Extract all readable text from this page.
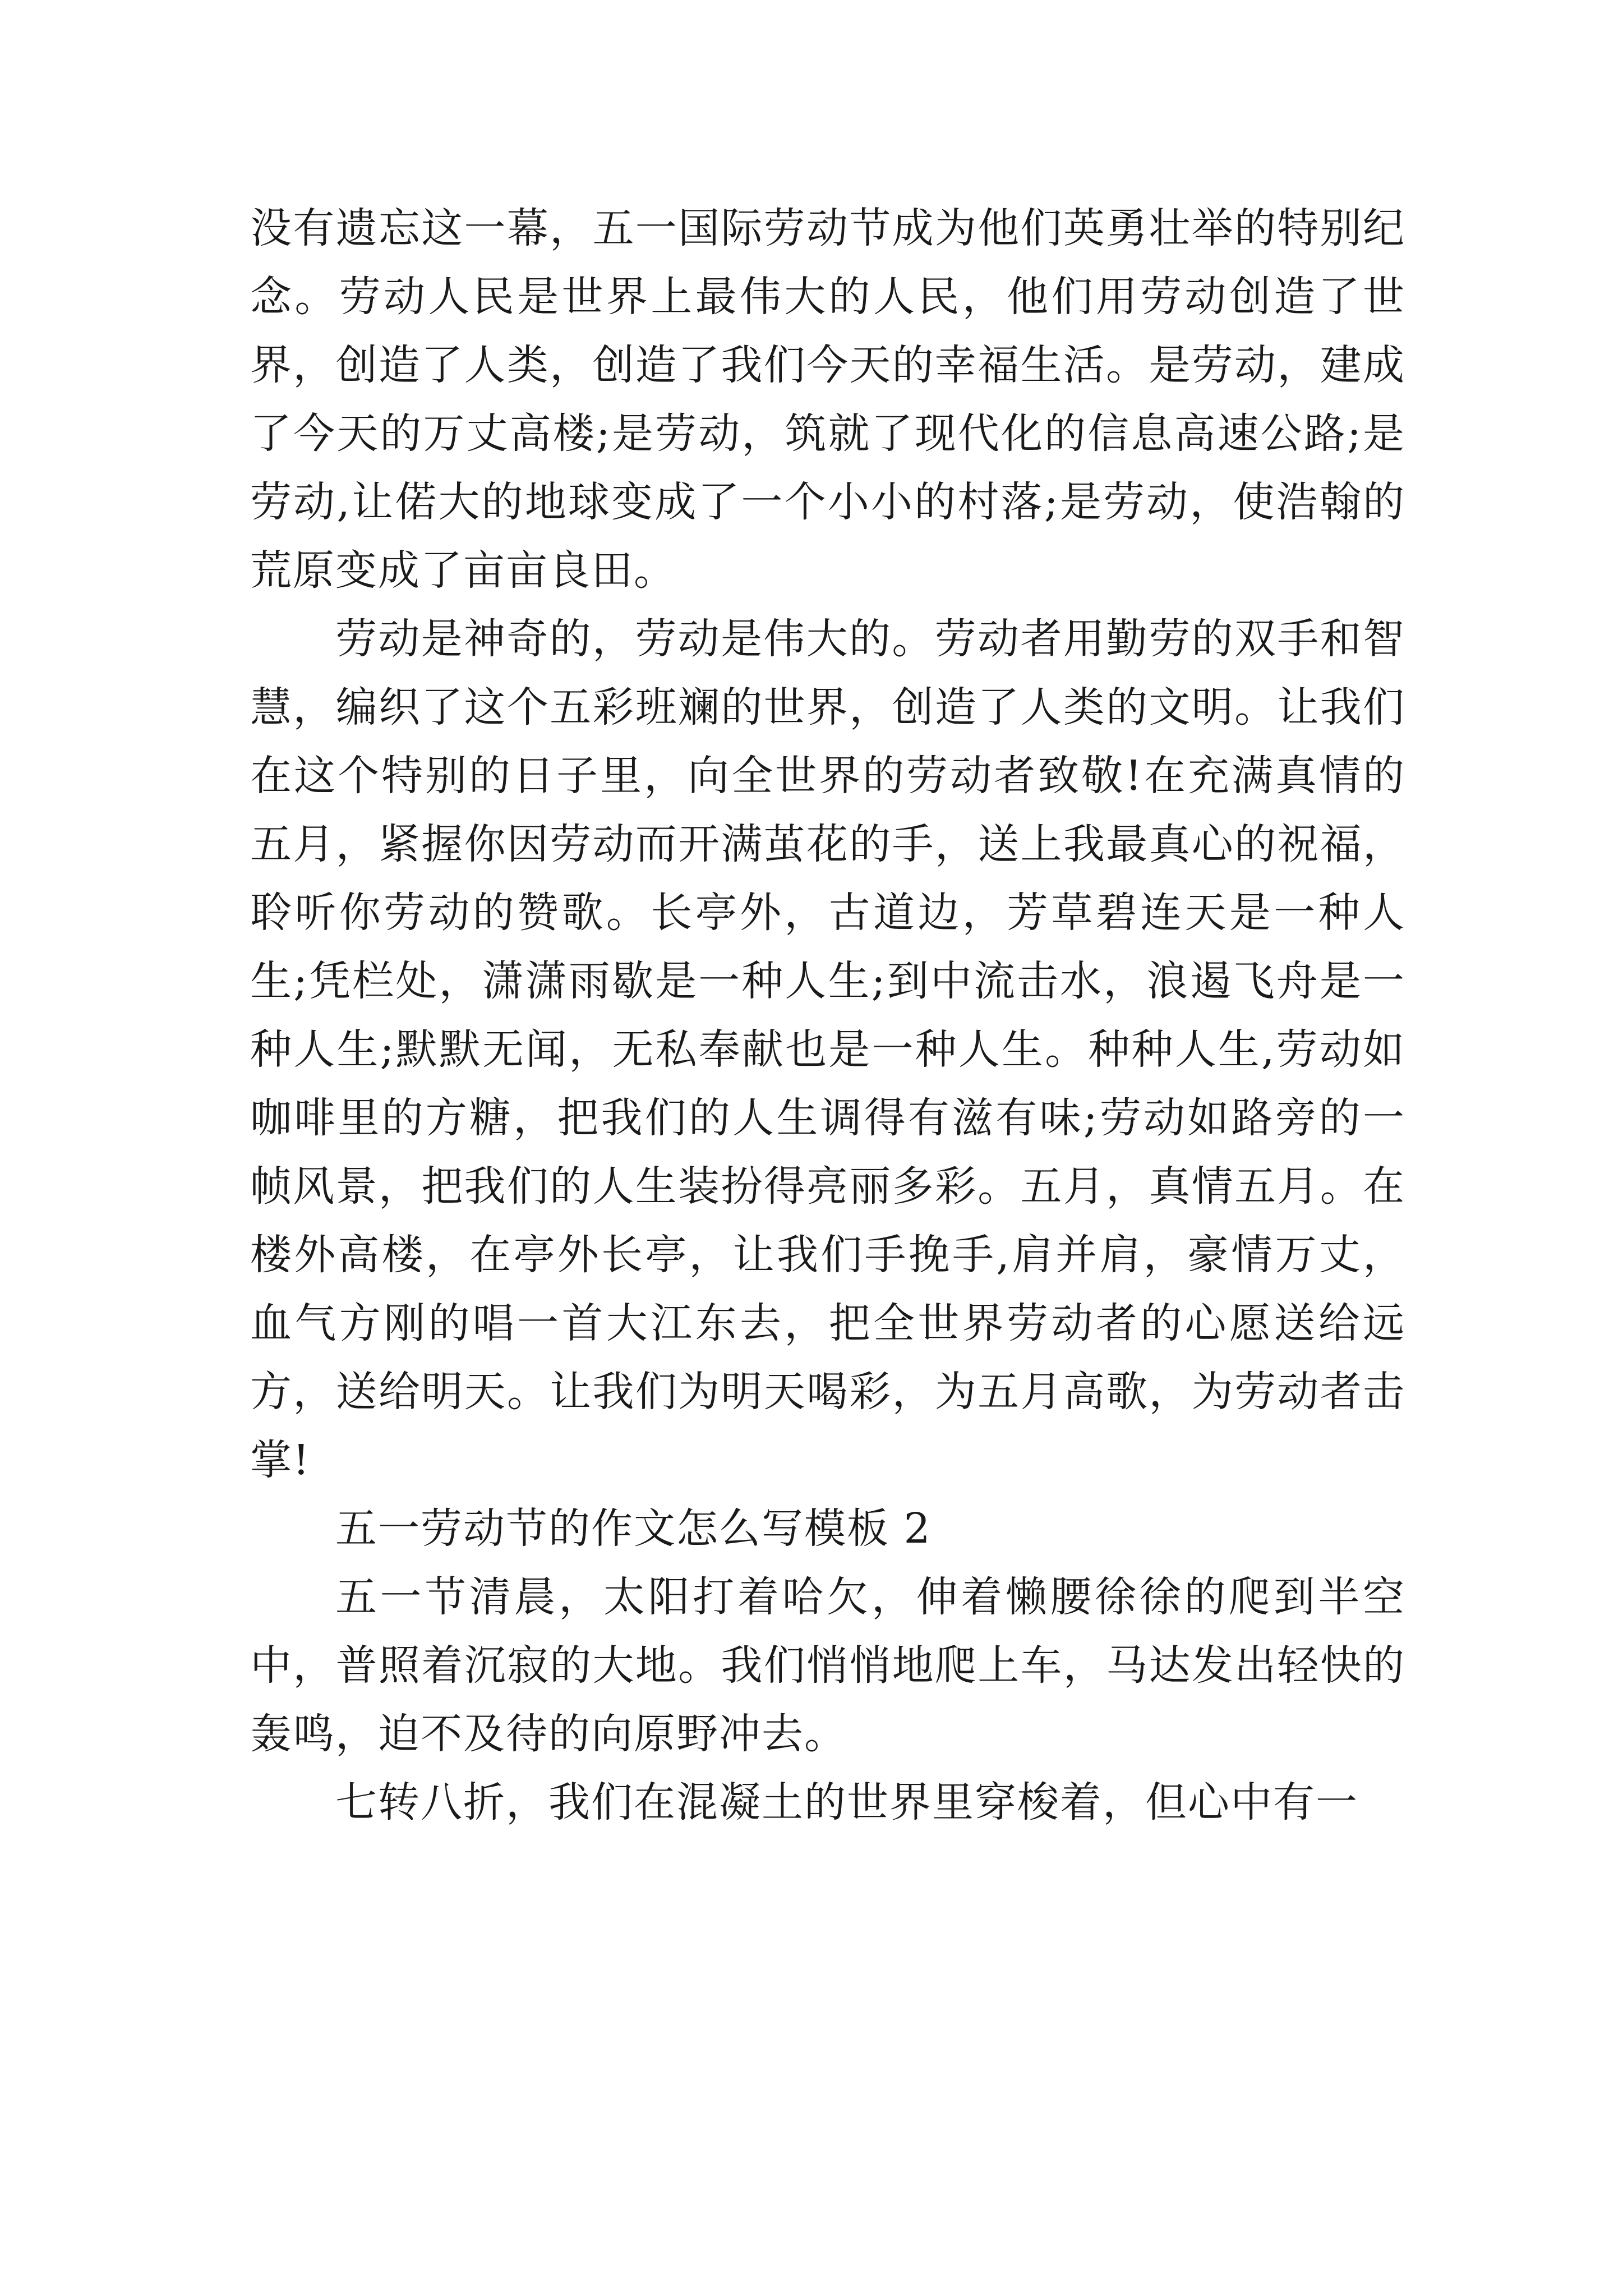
没有遗忘这一幕，五一国际劳动节成为他们英勇壮举的特别纪念。劳动人民是世界上最伟大的人民，他们用劳动创造了世界，创造了人类，创造了我们今天的幸福生活。是劳动，建成了今天的万丈高楼;是劳动，筑就了现代化的信息高速公路;是劳动,让偌大的地球变成了一个小小的村落;是劳动，使浩翰的荒原变成了亩亩良田。

劳动是神奇的，劳动是伟大的。劳动者用勤劳的双手和智慧，编织了这个五彩班斓的世界，创造了人类的文明。让我们在这个特别的日子里，向全世界的劳动者致敬!在充满真情的五月，紧握你因劳动而开满茧花的手，送上我最真心的祝福，聆听你劳动的赞歌。长亭外，古道边，芳草碧连天是一种人生;凭栏处，潇潇雨歇是一种人生;到中流击水，浪遏飞舟是一种人生;默默无闻，无私奉献也是一种人生。种种人生,劳动如咖啡里的方糖，把我们的人生调得有滋有味;劳动如路旁的一帧风景，把我们的人生装扮得亮丽多彩。五月，真情五月。在楼外高楼，在亭外长亭，让我们手挽手,肩并肩，豪情万丈，血气方刚的唱一首大江东去，把全世界劳动者的心愿送给远方，送给明天。让我们为明天喝彩，为五月高歌，为劳动者击掌!

五一劳动节的作文怎么写模板 2

五一节清晨，太阳打着哈欠，伸着懒腰徐徐的爬到半空中，普照着沉寂的大地。我们悄悄地爬上车，马达发出轻快的轰鸣，迫不及待的向原野冲去。

七转八折，我们在混凝土的世界里穿梭着，但心中有一
